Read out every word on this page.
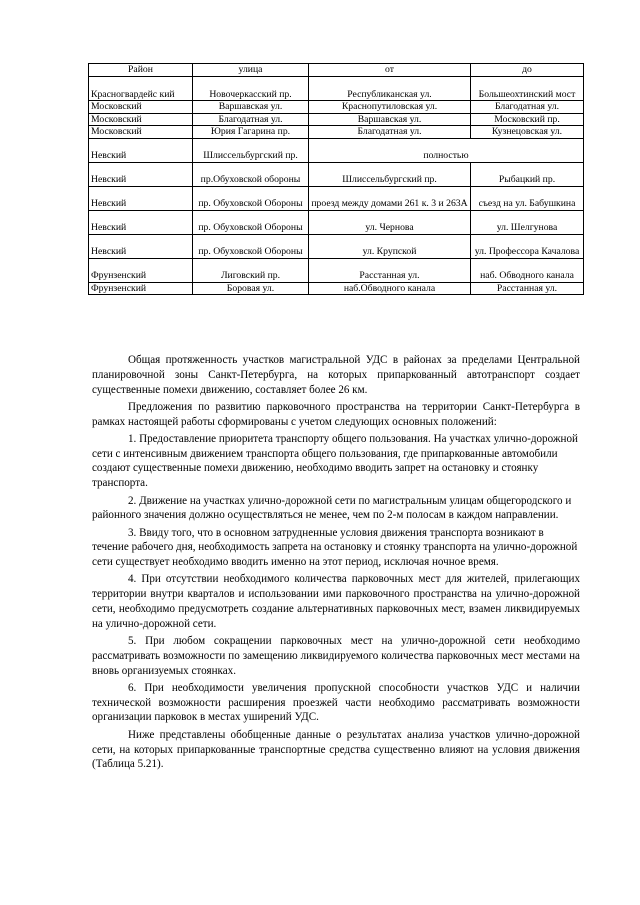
Район	улица	от	до
Красногвардейс кий	Новочеркасский пр.	Республиканская ул.	Большеохтинский мост
Московский	Варшавская ул.	Краснопутиловская ул.	Благодатная ул.
Московский	Благодатная ул.	Варшавская ул.	Московский пр.
Московский	Юрия Гагарина пр.	Благодатная ул.	Кузнецовская ул.
Невский	Шлиссельбургский пр.	полностью	
Невский	пр.Обуховской обороны	Шлиссельбургский пр.	Рыбацкий пр.
Невский	пр. Обуховской Обороны	проезд между домами 261 к. 3 и 263А	съезд на ул. Бабушкина
Невский	пр. Обуховской Обороны	ул. Чернова	ул. Шелгунова
Невский	пр. Обуховской Обороны	ул. Крупской	ул. Профессора Качалова
Фрунзенский	Лиговский пр.	Расстанная ул.	наб. Обводного канала
Фрунзенский	Боровая ул.	наб.Обводного канала	Расстанная ул.

Общая протяженность участков магистральной УДС в районах за пределами Центральной планировочной зоны Санкт-Петербурга, на которых припаркованный автотранспорт создает существенные помехи движению, составляет более 26 км.

Предложения по развитию парковочного пространства на территории Санкт-Петербурга в рамках настоящей работы сформированы с учетом следующих основных положений:

1. Предоставление приоритета транспорту общего пользования. На участках улично-дорожной сети с интенсивным движением транспорта общего пользования, где припаркованные автомобили создают существенные помехи движению, необходимо вводить запрет на остановку и стоянку транспорта.

2. Движение на участках улично-дорожной сети по магистральным улицам общегородского и районного значения должно осуществляться не менее, чем по 2-м полосам в каждом направлении.

3. Ввиду того, что в основном затрудненные условия движения транспорта возникают в течение рабочего дня, необходимость запрета на остановку и стоянку транспорта на улично-дорожной сети существует необходимо вводить именно на этот период, исключая ночное время.

4. При отсутствии необходимого количества парковочных мест для жителей, прилегающих территории внутри кварталов и использовании ими парковочного пространства на улично-дорожной сети, необходимо предусмотреть создание альтернативных парковочных мест, взамен ликвидируемых на улично-дорожной сети.

5. При любом сокращении парковочных мест на улично-дорожной сети необходимо рассматривать возможности по замещению ликвидируемого количества парковочных мест местами на вновь организуемых стоянках.

6. При необходимости увеличения пропускной способности участков УДС и наличии технической возможности расширения проезжей части необходимо рассматривать возможности организации парковок в местах уширений УДС.

Ниже представлены обобщенные данные о результатах анализа участков улично-дорожной сети, на которых припаркованные транспортные средства существенно влияют на условия движения (Таблица 5.21).
